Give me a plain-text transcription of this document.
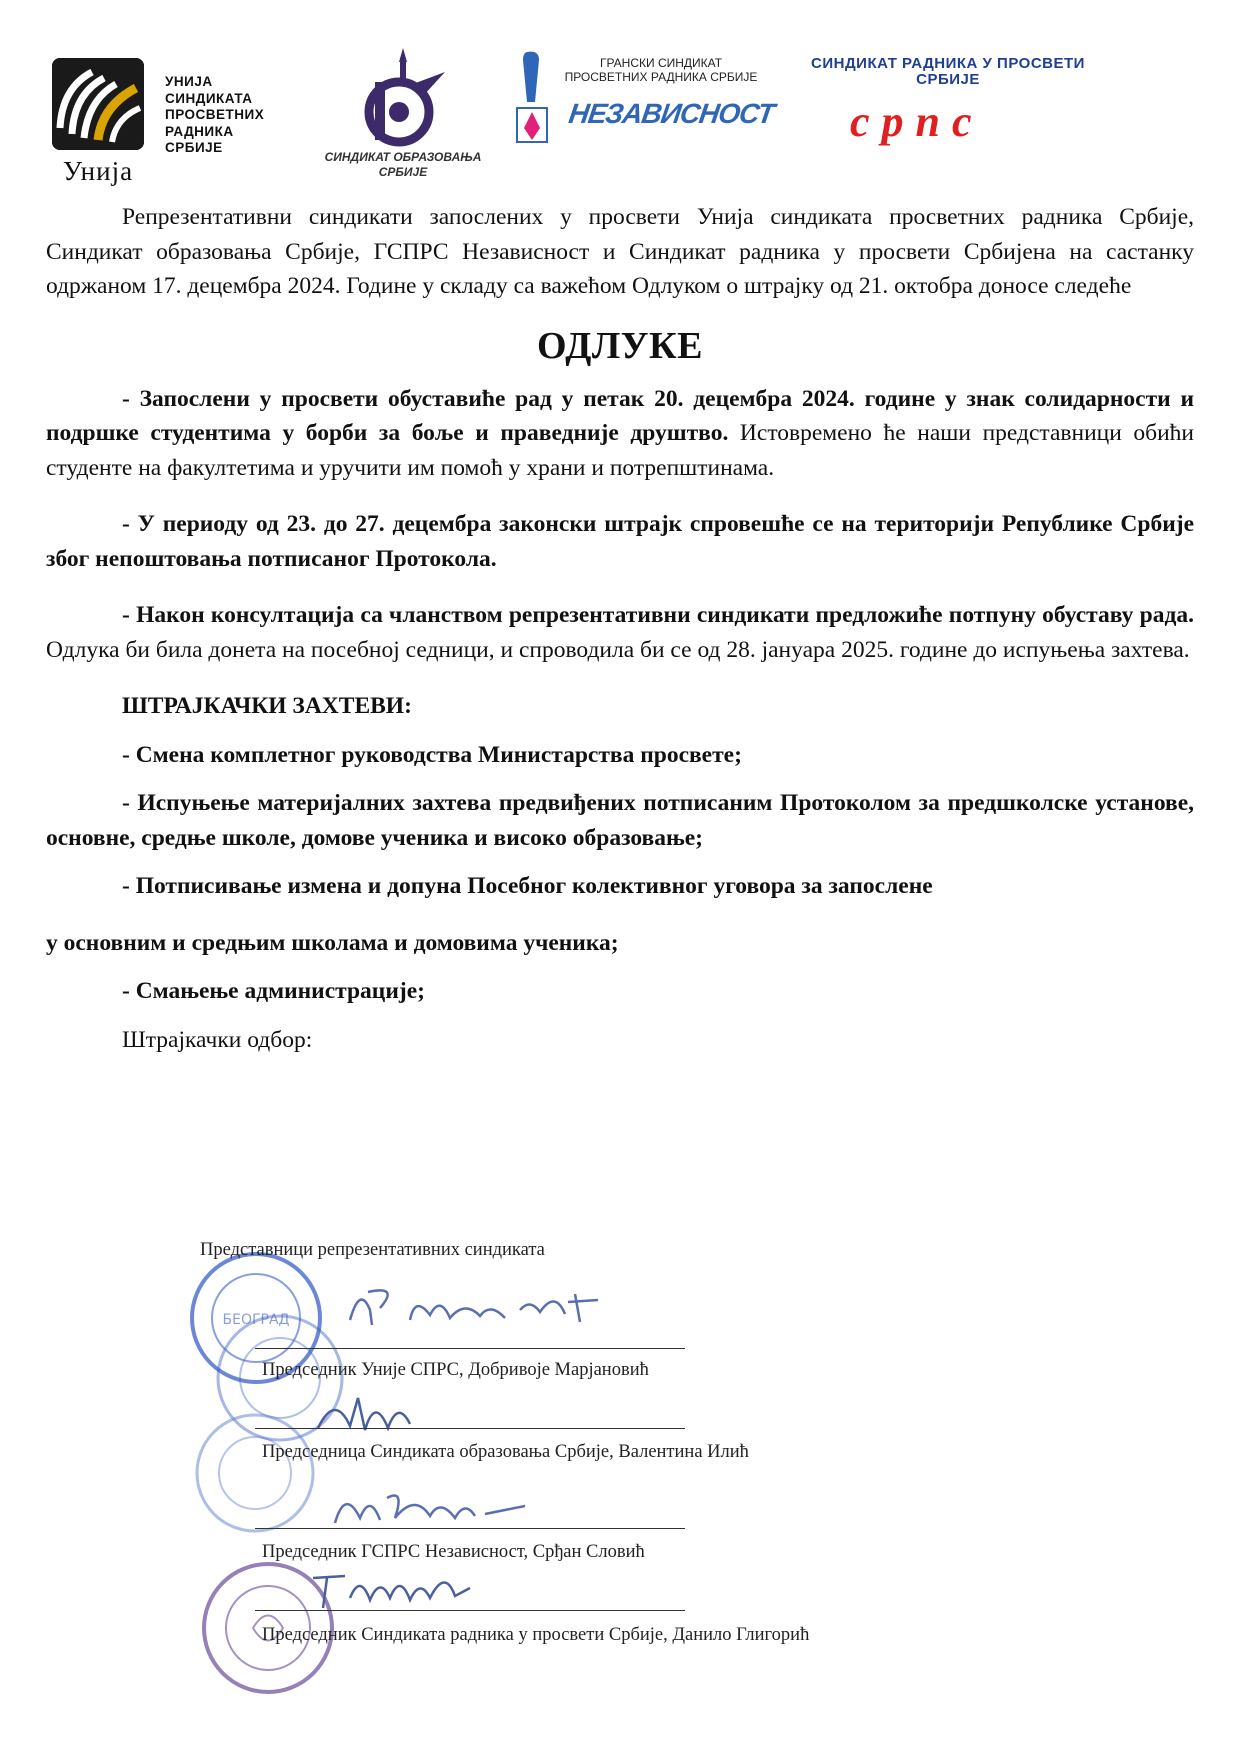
Унија
УНИЈА
СИНДИКАТА
ПРОСВЕТНИХ
РАДНИКА
СРБИЈЕ
СИНДИКАТ ОБРАЗОВАЊА
СРБИЈЕ
ГРАНСКИ СИНДИКАТ
ПРОСВЕТНИХ РАДНИКА СРБИЈЕ
НЕЗАВИСНОСТ
СИНДИКАТ РАДНИКА У ПРОСВЕТИ
СРБИЈЕ
српс

Репрезентативни синдикати запослених у просвети Унија синдиката просветних радника Србије, Синдикат образовања Србије, ГСПРС Независност и Синдикат радника у просвети Србијена на састанку одржаном 17. децембра 2024. Године у складу са важећом Одлуком о штрајку од 21. октобра доносе следеће

ОДЛУКЕ

- Запослени у просвети обуставиће рад у петак 20. децембра 2024. године у знак солидарности и подршке студентима у борби за боље и праведније друштво. Истовремено ће наши представници обићи студенте на факултетима и уручити им помоћ у храни и потрепштинама.

- У периоду од 23. до 27. децембра законски штрајк спровешће се на територији Републике Србије због непоштовања потписаног Протокола.

- Након консултација са чланством репрезентативни синдикати предложиће потпуну обуставу рада. Одлука би била донета на посебној седници, и спроводила би се од 28. јануара 2025. године до испуњења захтева.

ШТРАЈКАЧКИ ЗАХТЕВИ:

- Смена комплетног руководства Министарства просвете;

- Испуњење материјалних захтева предвиђених потписаним Протоколом за предшколске установе, основне, средње школе, домове ученика и високо образовање;

- Потписивање измена и допуна Посебног колективног уговора за запослене

у основним и средњим школама и домовима ученика;

- Смањење администрације;

Штрајкачки одбор:

БЕОГРАД
Представници репрезентативних синдиката
Председник Уније СПРС, Добривоје Марјановић
Председница Синдиката образовања Србије, Валентина Илић
Председник ГСПРС Независност, Срђан Словић
Председник Синдиката радника у просвети Србије, Данило Глигорић
